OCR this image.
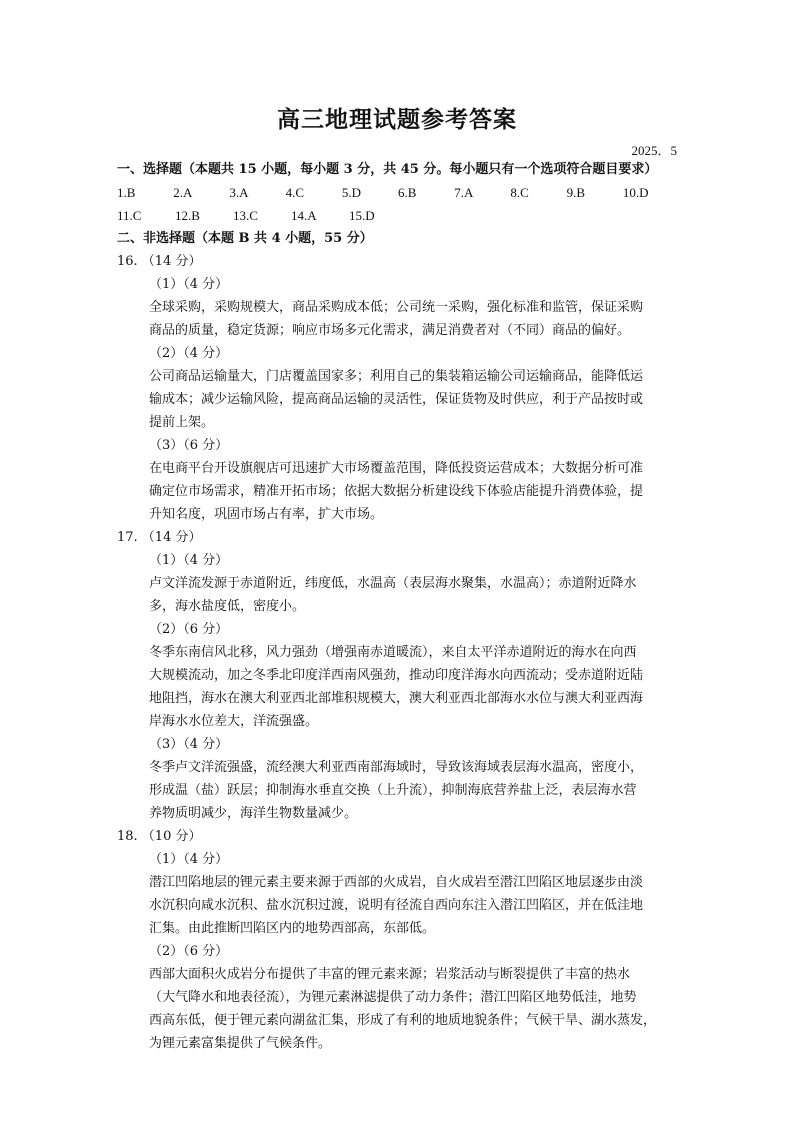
高三地理试题参考答案
2025．5
一、选择题（本题共 15 小题，每小题 3 分，共 45 分。每小题只有一个选项符合题目要求）
1.B	2.A	3.A	4.C	5.D	6.B	7.A	8.C	9.B	10.D
11.C	12.B	13.C	14.A	15.D
二、非选择题（本题 B 共 4 小题，55 分）
16. （14 分）
（1）（4 分）
全球采购，采购规模大，商品采购成本低；公司统一采购，强化标准和监管，保证采购
商品的质量，稳定货源；响应市场多元化需求，满足消费者对（不同）商品的偏好。
（2）（4 分）
公司商品运输量大，门店覆盖国家多；利用自己的集装箱运输公司运输商品，能降低运
输成本；减少运输风险，提高商品运输的灵活性，保证货物及时供应，利于产品按时或
提前上架。
（3）（6 分）
在电商平台开设旗舰店可迅速扩大市场覆盖范围，降低投资运营成本；大数据分析可准
确定位市场需求，精准开拓市场；依据大数据分析建设线下体验店能提升消费体验，提
升知名度，巩固市场占有率，扩大市场。
17. （14 分）
（1）（4 分）
卢文洋流发源于赤道附近，纬度低，水温高（表层海水聚集，水温高）；赤道附近降水
多，海水盐度低，密度小。
（2）（6 分）
冬季东南信风北移，风力强劲（增强南赤道暖流），来自太平洋赤道附近的海水在向西
大规模流动，加之冬季北印度洋西南风强劲，推动印度洋海水向西流动；受赤道附近陆
地阻挡，海水在澳大利亚西北部堆积规模大，澳大利亚西北部海水水位与澳大利亚西海
岸海水水位差大，洋流强盛。
（3）（4 分）
冬季卢文洋流强盛，流经澳大利亚西南部海域时，导致该海域表层海水温高，密度小，
形成温（盐）跃层；抑制海水垂直交换（上升流），抑制海底营养盐上泛，表层海水营
养物质明减少，海洋生物数量减少。
18. （10 分）
（1）（4 分）
潜江凹陷地层的锂元素主要来源于西部的火成岩，自火成岩至潜江凹陷区地层逐步由淡
水沉积向咸水沉积、盐水沉积过渡，说明有径流自西向东注入潜江凹陷区，并在低洼地
汇集。由此推断凹陷区内的地势西部高，东部低。
（2）（6 分）
西部大面积火成岩分布提供了丰富的锂元素来源；岩浆活动与断裂提供了丰富的热水
（大气降水和地表径流），为锂元素淋滤提供了动力条件；潜江凹陷区地势低洼，地势
西高东低，便于锂元素向湖盆汇集，形成了有利的地质地貌条件；气候干旱、湖水蒸发，
为锂元素富集提供了气候条件。
